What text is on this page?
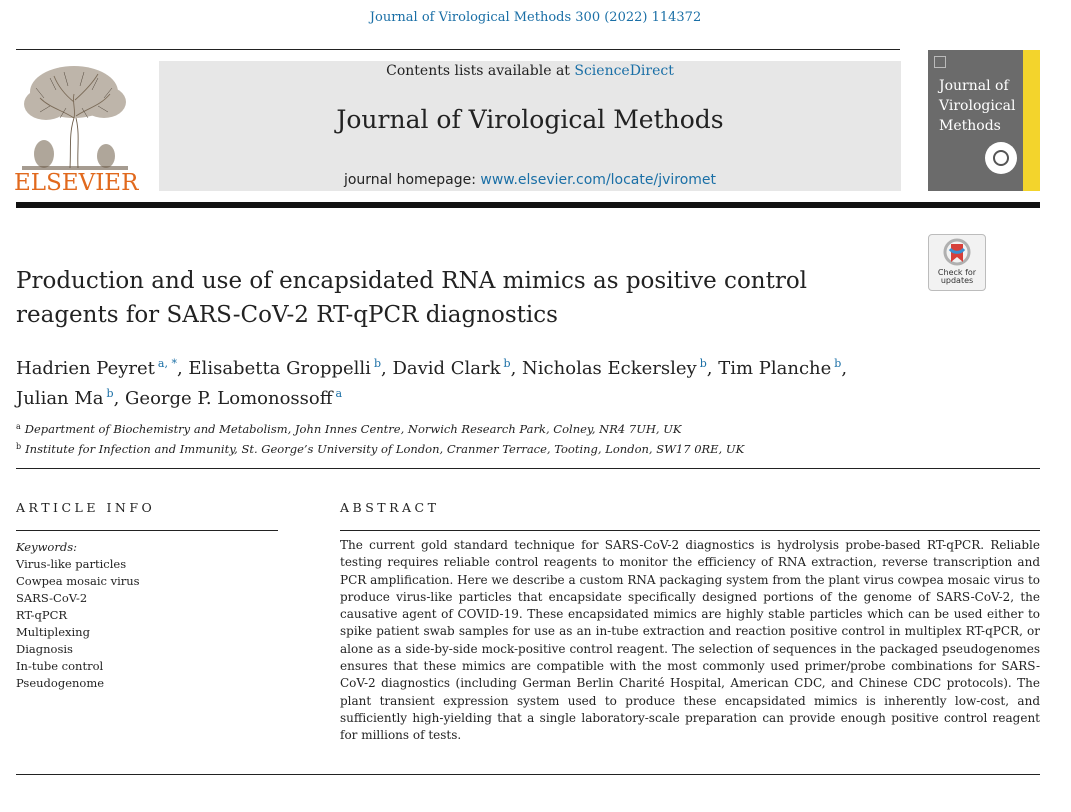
Journal of Virological Methods 300 (2022) 114372
ELSEVIER
Contents lists available at ScienceDirect
Journal of Virological Methods
journal homepage: www.elsevier.com/locate/jviromet
Journal of
Virological
Methods
Check for
updates
Production and use of encapsidated RNA mimics as positive control
reagents for SARS-CoV-2 RT-qPCR diagnostics
Hadrien Peyret $^{a, *}$, Elisabetta Groppelli $^b$, David Clark $^b$, Nicholas Eckersley $^b$, Tim Planche $^b$,
Julian Ma $^b$, George P. Lomonossoff $^a$
$^a$ Department of Biochemistry and Metabolism, John Innes Centre, Norwich Research Park, Colney, NR4 7UH, UK
$^b$ Institute for Infection and Immunity, St. George’s University of London, Cranmer Terrace, Tooting, London, SW17 0RE, UK
ARTICLE INFO
Keywords:
Virus-like particles
Cowpea mosaic virus
SARS-CoV-2
RT-qPCR
Multiplexing
Diagnosis
In-tube control
Pseudogenome
ABSTRACT
The current gold standard technique for SARS-CoV-2 diagnostics is hydrolysis probe-based RT-qPCR. Reliable testing requires reliable control reagents to monitor the efficiency of RNA extraction, reverse transcription and PCR amplification. Here we describe a custom RNA packaging system from the plant virus cowpea mosaic virus to produce virus-like particles that encapsidate specifically designed portions of the genome of SARS-CoV-2, the causative agent of COVID-19. These encapsidated mimics are highly stable particles which can be used either to spike patient swab samples for use as an in-tube extraction and reaction positive control in multiplex RT-qPCR, or alone as a side-by-side mock-positive control reagent. The selection of sequences in the packaged pseudogenomes ensures that these mimics are compatible with the most commonly used primer/probe combinations for SARS-CoV-2 diagnostics (including German Berlin Charité Hospital, American CDC, and Chinese CDC protocols). The plant transient expression system used to produce these encapsidated mimics is inherently low-cost, and sufficiently high-yielding that a single laboratory-scale preparation can provide enough positive control reagent for millions of tests.
